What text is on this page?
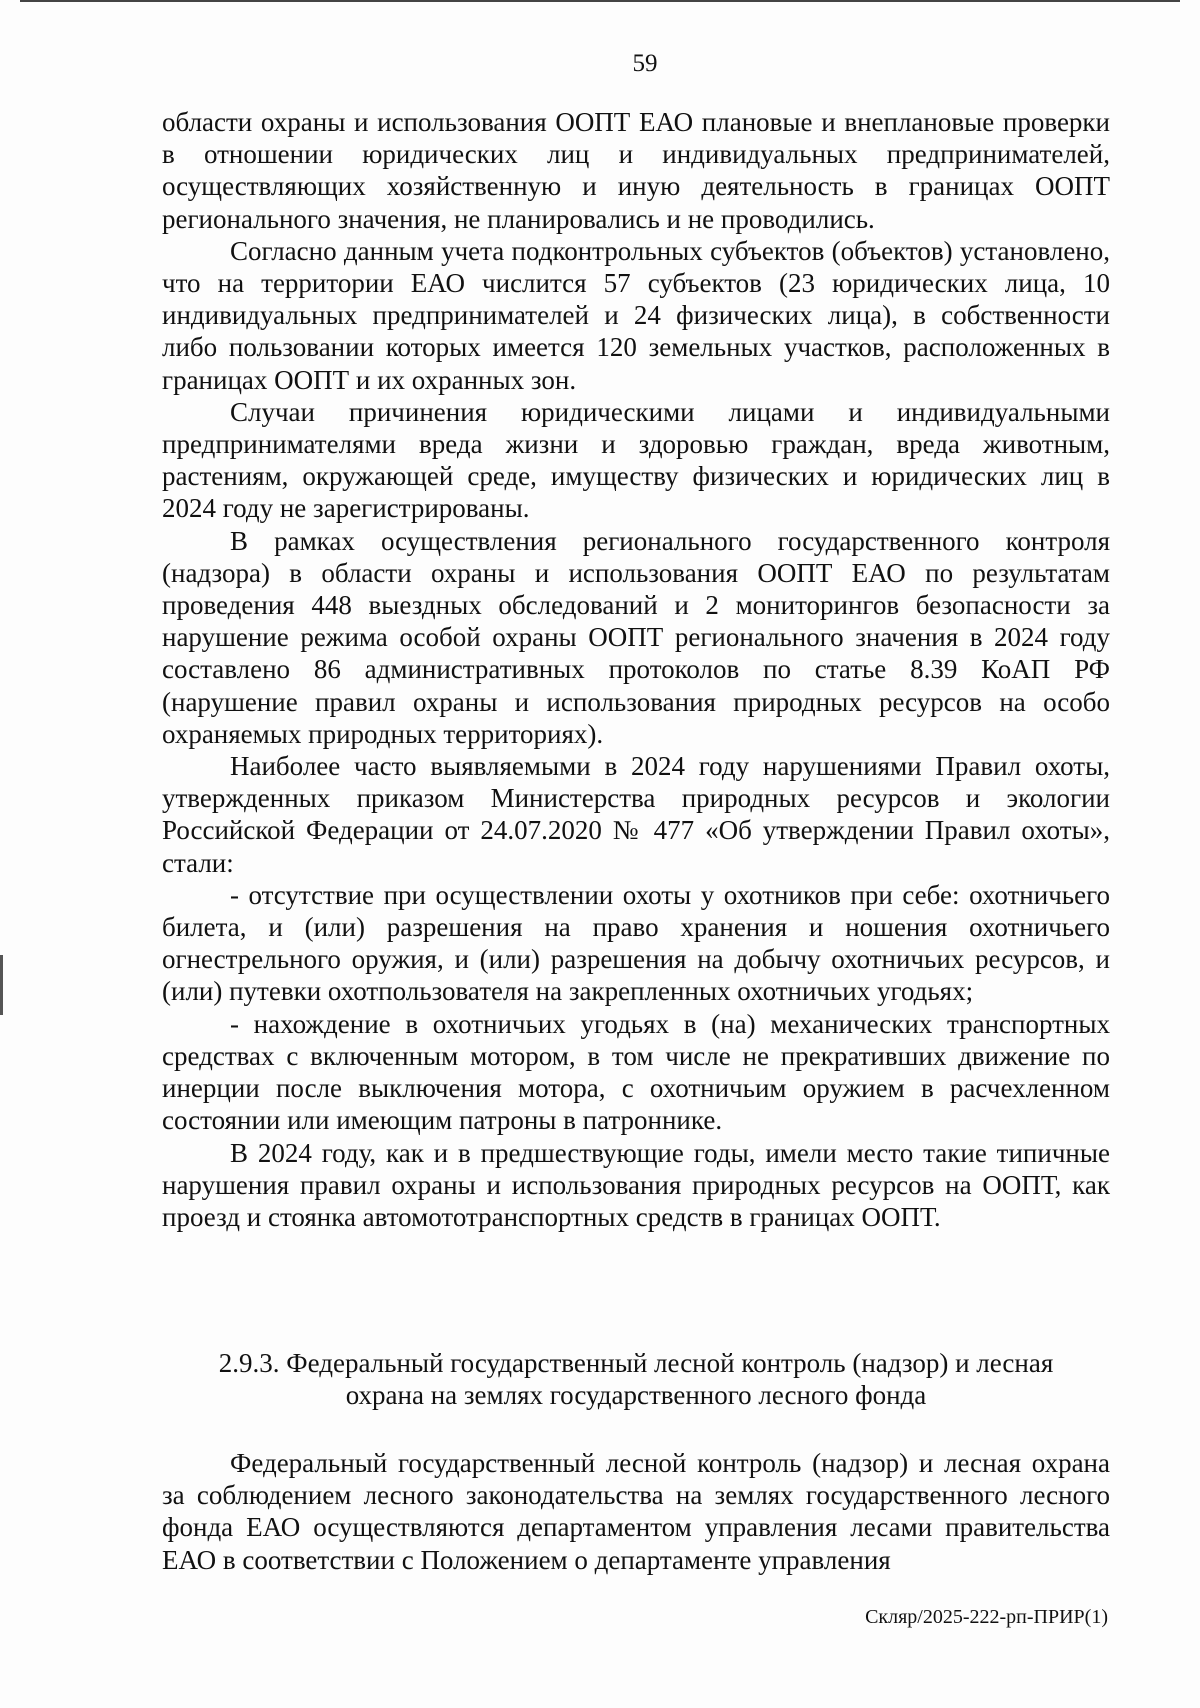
59

области охраны и использования ООПТ ЕАО плановые и внеплановые проверки в отношении юридических лиц и индивидуальных предпринимателей, осуществляющих хозяйственную и иную деятельность в границах ООПТ регионального значения, не планировались и не проводились.

Согласно данным учета подконтрольных субъектов (объектов) установлено, что на территории ЕАО числится 57 субъектов (23 юридических лица, 10 индивидуальных предпринимателей и 24 физических лица), в собственности либо пользовании которых имеется 120 земельных участков, расположенных в границах ООПТ и их охранных зон.

Случаи причинения юридическими лицами и индивидуальными предпринимателями вреда жизни и здоровью граждан, вреда животным, растениям, окружающей среде, имуществу физических и юридических лиц в 2024 году не зарегистрированы.

В рамках осуществления регионального государственного контроля (надзора) в области охраны и использования ООПТ ЕАО по результатам проведения 448 выездных обследований и 2 мониторингов безопасности за нарушение режима особой охраны ООПТ регионального значения в 2024 году составлено 86 административных протоколов по статье 8.39 КоАП РФ (нарушение правил охраны и использования природных ресурсов на особо охраняемых природных территориях).

Наиболее часто выявляемыми в 2024 году нарушениями Правил охоты, утвержденных приказом Министерства природных ресурсов и экологии Российской Федерации от 24.07.2020 № 477 «Об утверждении Правил охоты», стали:

- отсутствие при осуществлении охоты у охотников при себе: охотничьего билета, и (или) разрешения на право хранения и ношения охотничьего огнестрельного оружия, и (или) разрешения на добычу охотничьих ресурсов, и (или) путевки охотпользователя на закрепленных охотничьих угодьях;

- нахождение в охотничьих угодьях в (на) механических транспортных средствах с включенным мотором, в том числе не прекративших движение по инерции после выключения мотора, с охотничьим оружием в расчехленном состоянии или имеющим патроны в патроннике.

В 2024 году, как и в предшествующие годы, имели место такие типичные нарушения правил охраны и использования природных ресурсов на ООПТ, как проезд и стоянка автомототранспортных средств в границах ООПТ.

2.9.3. Федеральный государственный лесной контроль (надзор) и лесная
охрана на землях государственного лесного фонда

Федеральный государственный лесной контроль (надзор) и лесная охрана за соблюдением лесного законодательства на землях государственного лесного фонда ЕАО осуществляются департаментом управления лесами правительства ЕАО в соответствии с Положением о департаменте управления

Скляр/2025-222-рп-ПРИР(1)
